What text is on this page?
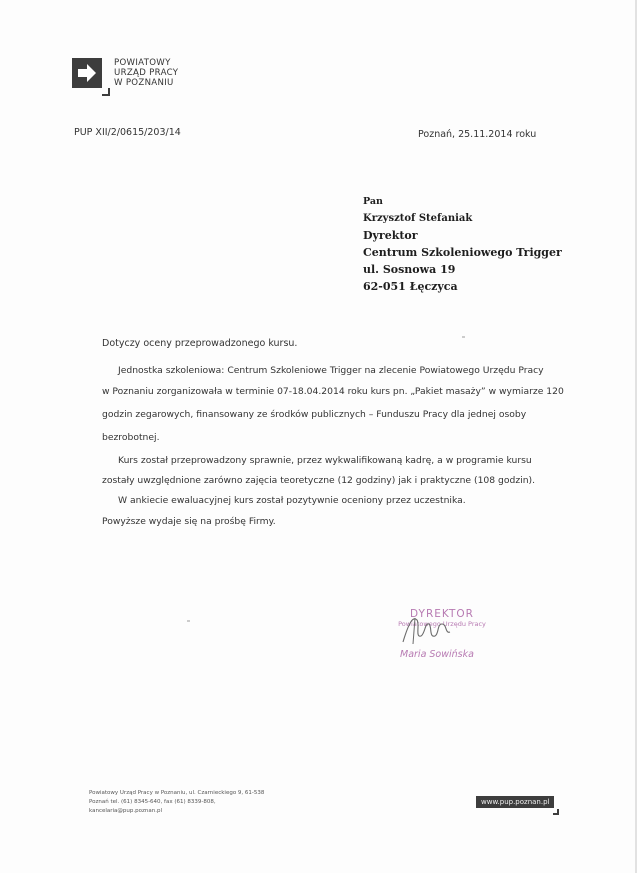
POWIATOWY
URZĄD PRACY
W POZNANIU
PUP XII/2/0615/203/14	Poznań, 25.11.2014 roku
Pan
Krzysztof Stefaniak
Dyrektor
Centrum Szkoleniowego Trigger
ul. Sosnowa 19
62-051 Łęczyca
Dotyczy oceny przeprowadzonego kursu.
Jednostka szkoleniowa: Centrum Szkoleniowe Trigger na zlecenie Powiatowego Urzędu Pracy
w Poznaniu zorganizowała w terminie 07-18.04.2014 roku kurs pn. „Pakiet masaży” w wymiarze 120
godzin zegarowych, finansowany ze środków publicznych – Funduszu Pracy dla jednej osoby
bezrobotnej.
Kurs został przeprowadzony sprawnie, przez wykwalifikowaną kadrę, a w programie kursu
zostały uwzględnione zarówno zajęcia teoretyczne (12 godziny) jak i praktyczne (108 godzin).
W ankiecie ewaluacyjnej kurs został pozytywnie oceniony przez uczestnika.
Powyższe wydaje się na prośbę Firmy.
DYREKTOR
Powiatowego Urzędu Pracy
Maria Sowińska
Powiatowy Urząd Pracy w Poznaniu, ul. Czarnieckiego 9, 61-538
Poznań tel. (61) 8345-640, fax (61) 8339-808,
kancelaria@pup.poznan.pl
www.pup.poznan.pl
